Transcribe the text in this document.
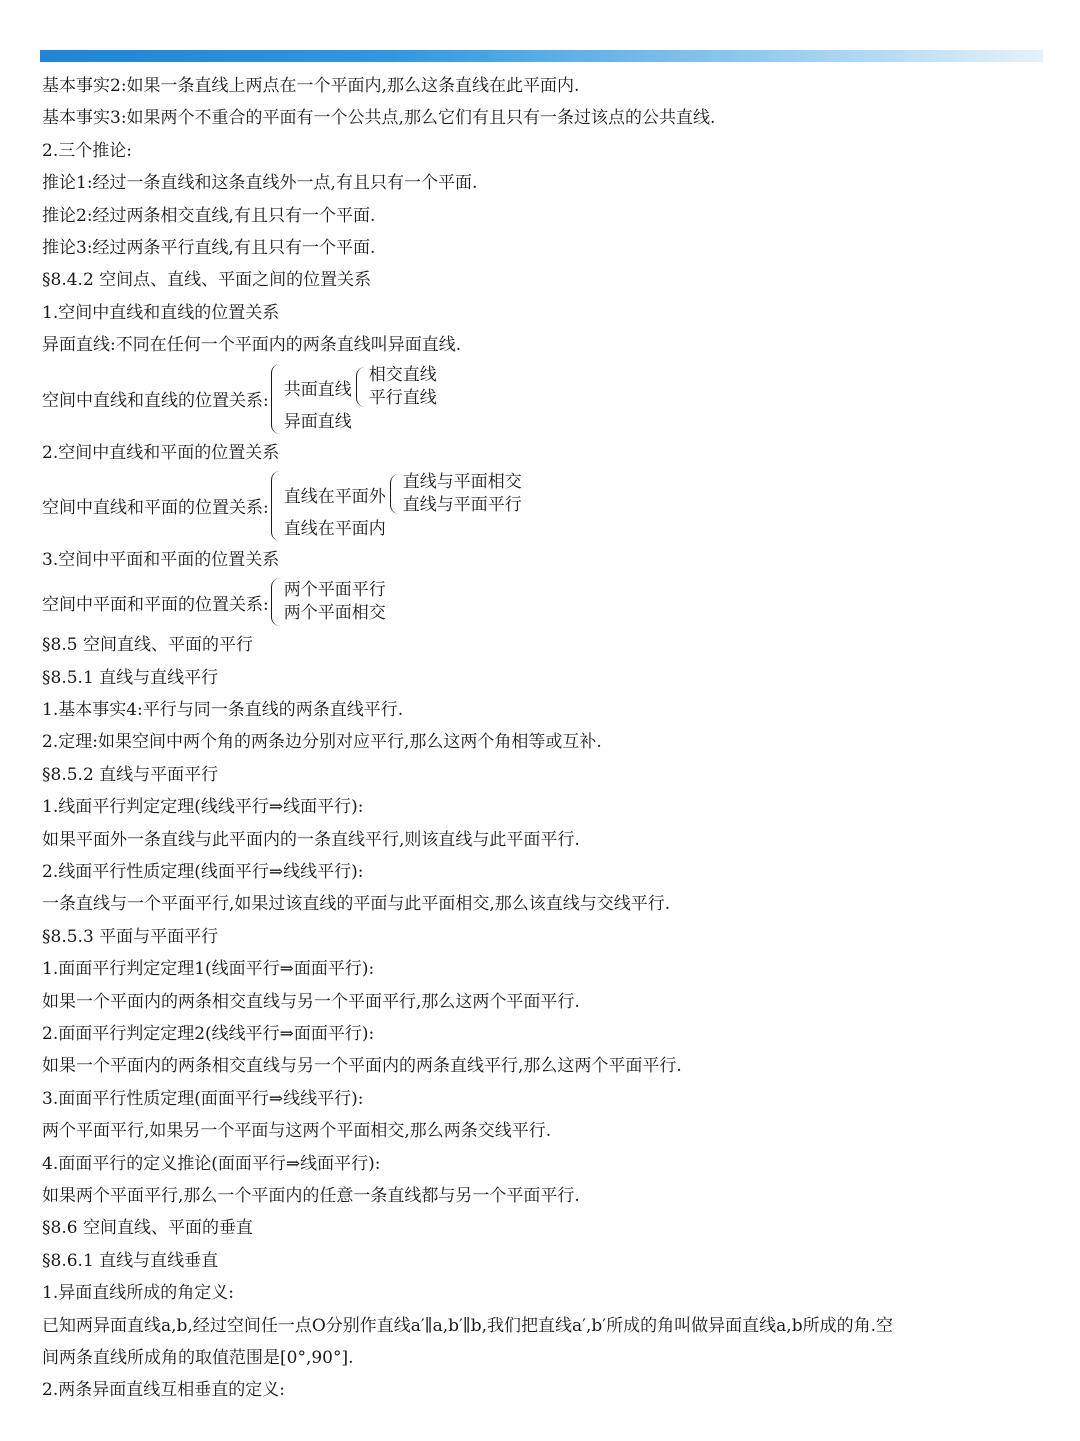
基本事实2:如果一条直线上两点在一个平面内,那么这条直线在此平面内.
基本事实3:如果两个不重合的平面有一个公共点,那么它们有且只有一条过该点的公共直线.
2.三个推论:
推论1:经过一条直线和这条直线外一点,有且只有一个平面.
推论2:经过两条相交直线,有且只有一个平面.
推论3:经过两条平行直线,有且只有一个平面.
§8.4.2 空间点、直线、平面之间的位置关系
1.空间中直线和直线的位置关系
异面直线:不同在任何一个平面内的两条直线叫异面直线.
空间中直线和直线的位置关系:
共面直线
相交直线
平行直线
异面直线
2.空间中直线和平面的位置关系
空间中直线和平面的位置关系:
直线在平面外
直线与平面相交
直线与平面平行
直线在平面内
3.空间中平面和平面的位置关系
空间中平面和平面的位置关系:
两个平面平行
两个平面相交
§8.5 空间直线、平面的平行
§8.5.1 直线与直线平行
1.基本事实4:平行与同一条直线的两条直线平行.
2.定理:如果空间中两个角的两条边分别对应平行,那么这两个角相等或互补.
§8.5.2 直线与平面平行
1.线面平行判定定理(线线平行⇒线面平行):
如果平面外一条直线与此平面内的一条直线平行,则该直线与此平面平行.
2.线面平行性质定理(线面平行⇒线线平行):
一条直线与一个平面平行,如果过该直线的平面与此平面相交,那么该直线与交线平行.
§8.5.3 平面与平面平行
1.面面平行判定定理1(线面平行⇒面面平行):
如果一个平面内的两条相交直线与另一个平面平行,那么这两个平面平行.
2.面面平行判定定理2(线线平行⇒面面平行):
如果一个平面内的两条相交直线与另一个平面内的两条直线平行,那么这两个平面平行.
3.面面平行性质定理(面面平行⇒线线平行):
两个平面平行,如果另一个平面与这两个平面相交,那么两条交线平行.
4.面面平行的定义推论(面面平行⇒线面平行):
如果两个平面平行,那么一个平面内的任意一条直线都与另一个平面平行.
§8.6 空间直线、平面的垂直
§8.6.1 直线与直线垂直
1.异面直线所成的角定义:
已知两异面直线a,b,经过空间任一点O分别作直线a′∥a,b′∥b,我们把直线a′,b′所成的角叫做异面直线a,b所成的角.空
间两条直线所成角的取值范围是[0°,90°].
2.两条异面直线互相垂直的定义:
